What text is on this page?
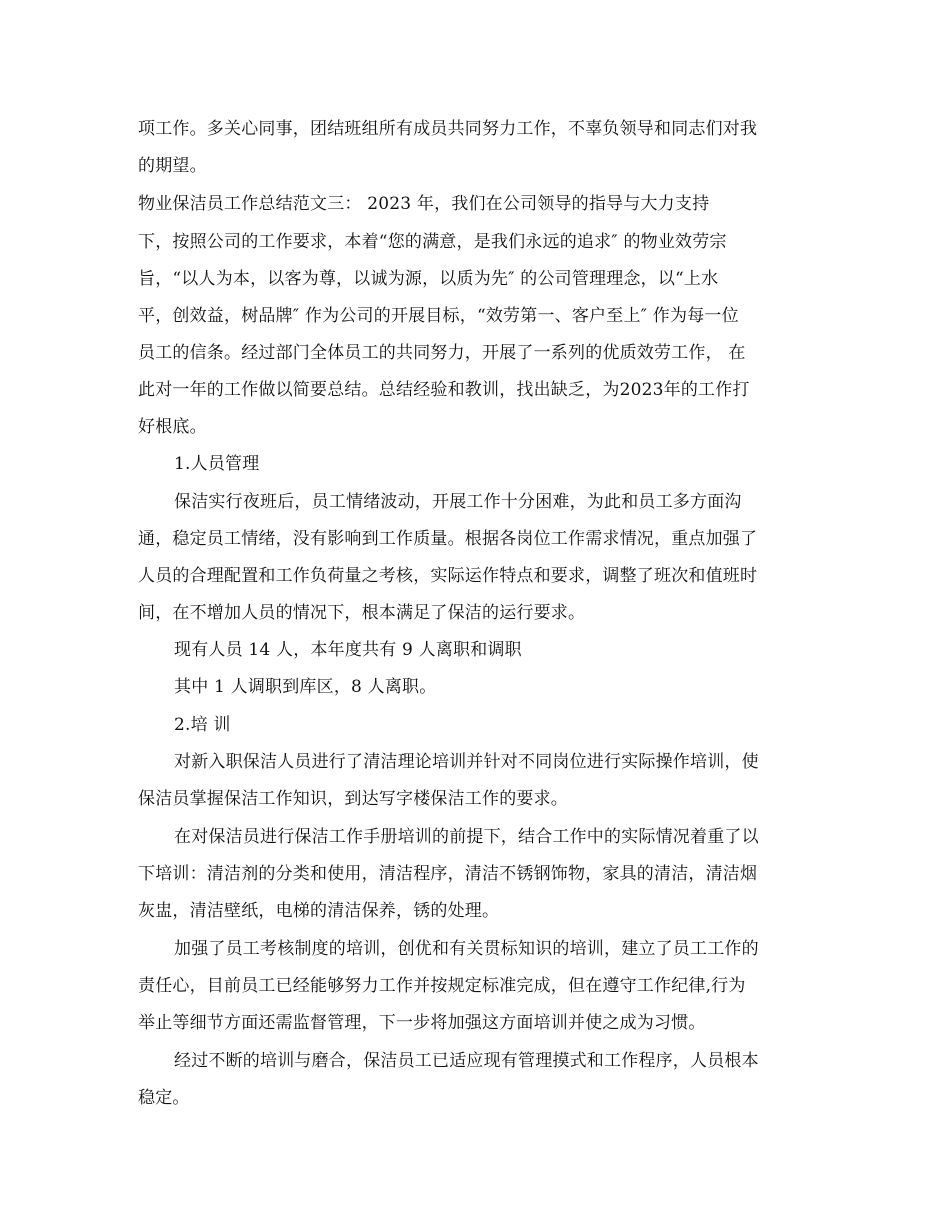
项工作。多关心同事，团结班组所有成员共同努力工作，不辜负领导和同志们对我
的期望。
物业保洁员工作总结范文三： 2023 年，我们在公司领导的指导与大力支持
下，按照公司的工作要求，本着“您的满意，是我们永远的追求″ 的物业效劳宗
旨，“以人为本，以客为尊，以诚为源，以质为先″ 的公司管理理念，以“上水
平，创效益，树品牌″ 作为公司的开展目标，“效劳第一、客户至上″ 作为每一位
员工的信条。经过部门全体员工的共同努力，开展了一系列的优质效劳工作， 在
此对一年的工作做以简要总结。总结经验和教训，找出缺乏，为2023年的工作打
好根底。
1.人员管理
保洁实行夜班后，员工情绪波动，开展工作十分困难，为此和员工多方面沟
通，稳定员工情绪，没有影响到工作质量。根据各岗位工作需求情况，重点加强了
人员的合理配置和工作负荷量之考核，实际运作特点和要求，调整了班次和值班时
间，在不增加人员的情况下，根本满足了保洁的运行要求。
现有人员 14 人，本年度共有 9 人离职和调职
其中 1 人调职到库区，8 人离职。
2.培 训
对新入职保洁人员进行了清洁理论培训并针对不同岗位进行实际操作培训，使
保洁员掌握保洁工作知识，到达写字楼保洁工作的要求。
在对保洁员进行保洁工作手册培训的前提下，结合工作中的实际情况着重了以
下培训：清洁剂的分类和使用，清洁程序，清洁不锈钢饰物，家具的清洁，清洁烟
灰盅，清洁壁纸，电梯的清洁保养，锈的处理。
加强了员工考核制度的培训，创优和有关贯标知识的培训，建立了员工工作的
责任心，目前员工已经能够努力工作并按规定标准完成，但在遵守工作纪律,行为
举止等细节方面还需监督管理，下一步将加强这方面培训并使之成为习惯。
经过不断的培训与磨合，保洁员工已适应现有管理摸式和工作程序，人员根本
稳定。
